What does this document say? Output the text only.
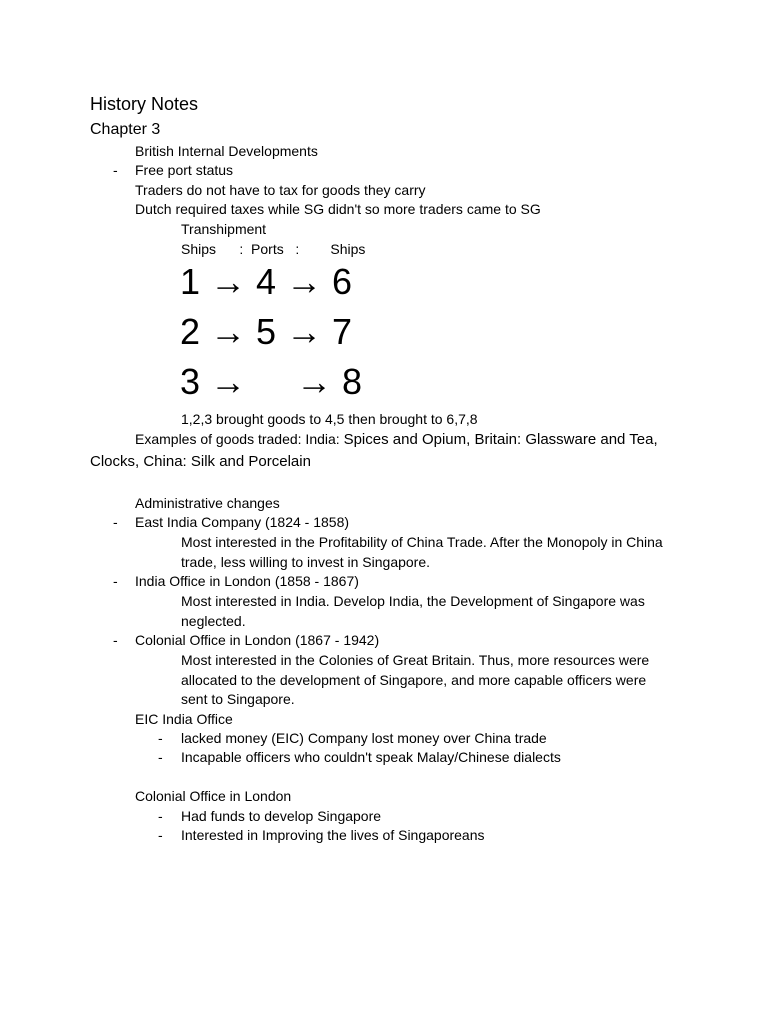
History Notes
Chapter 3
British Internal Developments
- Free port status
Traders do not have to tax for goods they carry
Dutch required taxes while SG didn't so more traders came to SG
Transhipment
Ships      :  Ports   :        Ships
1 → 4 → 6
2 → 5 → 7
3 →     → 8
1,2,3 brought goods to 4,5 then brought to 6,7,8
Examples of goods traded: India: Spices and Opium, Britain: Glassware and Tea,
Clocks, China: Silk and Porcelain
Administrative changes
- East India Company (1824 - 1858)
Most interested in the Profitability of China Trade. After the Monopoly in China trade, less willing to invest in Singapore.
- India Office in London (1858 - 1867)
Most interested in India. Develop India, the Development of Singapore was neglected.
- Colonial Office in London (1867 - 1942)
Most interested in the Colonies of Great Britain. Thus, more resources were allocated to the development of Singapore, and more capable officers were sent to Singapore.
EIC India Office
- lacked money (EIC) Company lost money over China trade
- Incapable officers who couldn't speak Malay/Chinese dialects
Colonial Office in London
- Had funds to develop Singapore
- Interested in Improving the lives of Singaporeans
